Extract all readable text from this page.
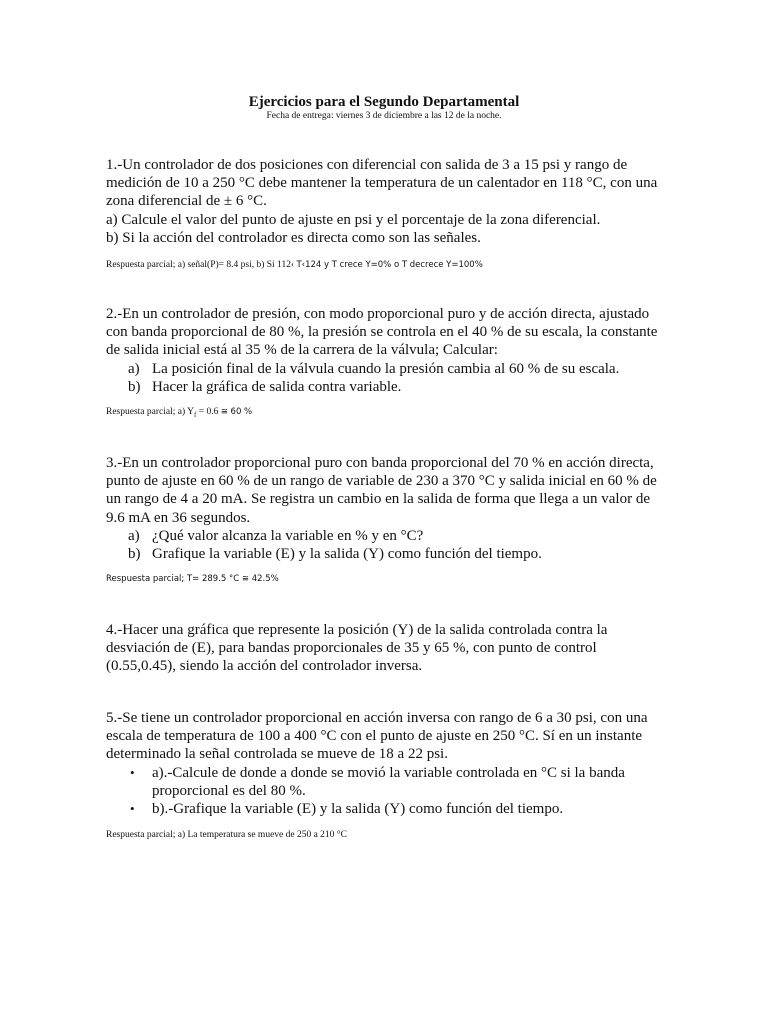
Ejercicios para el Segundo Departamental
Fecha de entrega: viernes 3 de diciembre a las 12 de la noche.

1.-Un controlador de dos posiciones con diferencial con salida de 3 a 15 psi y rango de

medición de 10 a 250 °C debe mantener la temperatura de un calentador en 118 °C, con una

zona diferencial de ± 6 °C.

a) Calcule el valor del punto de ajuste en psi y el porcentaje de la zona diferencial.

b) Si la acción del controlador es directa como son las señales.

Respuesta parcial; a) señal(P)= 8.4 psi, b) Si 112‹ T‹124 y T crece Y=0% o T decrece Y=100%

2.-En un controlador de presión, con modo proporcional puro y de acción directa, ajustado

con banda proporcional de 80 %, la presión se controla en el 40 % de su escala, la constante

de salida inicial está al 35 % de la carrera de la válvula; Calcular:

a) La posición final de la válvula cuando la presión cambia al 60 % de su escala.
b) Hacer la gráfica de salida contra variable.
Respuesta parcial; a) $Y_f = 0.6$ ≅ 60 %

3.-En un controlador proporcional puro con banda proporcional del 70 % en acción directa,

punto de ajuste en 60 % de un rango de variable de 230 a 370 °C y salida inicial en 60 % de

un rango de 4 a 20 mA. Se registra un cambio en la salida de forma que llega a un valor de

9.6 mA en 36 segundos.

a) ¿Qué valor alcanza la variable en % y en °C?
b) Grafique la variable (E) y la salida (Y) como función del tiempo.
Respuesta parcial; T= 289.5 °C ≅ 42.5%

4.-Hacer una gráfica que represente la posición (Y) de la salida controlada contra la

desviación de (E), para bandas proporcionales de 35 y 65 %, con punto de control

(0.55,0.45), siendo la acción del controlador inversa.

5.-Se tiene un controlador proporcional en acción inversa con rango de 6 a 30 psi, con una

escala de temperatura de 100 a 400 °C con el punto de ajuste en 250 °C. Sí en un instante

determinado la señal controlada se mueve de 18 a 22 psi.

• a).-Calcule de donde a donde se movió la variable controlada en °C si la banda
proporcional es del 80 %.
• b).-Grafique la variable (E) y la salida (Y) como función del tiempo.
Respuesta parcial; a) La temperatura se mueve de 250 a 210 °C
